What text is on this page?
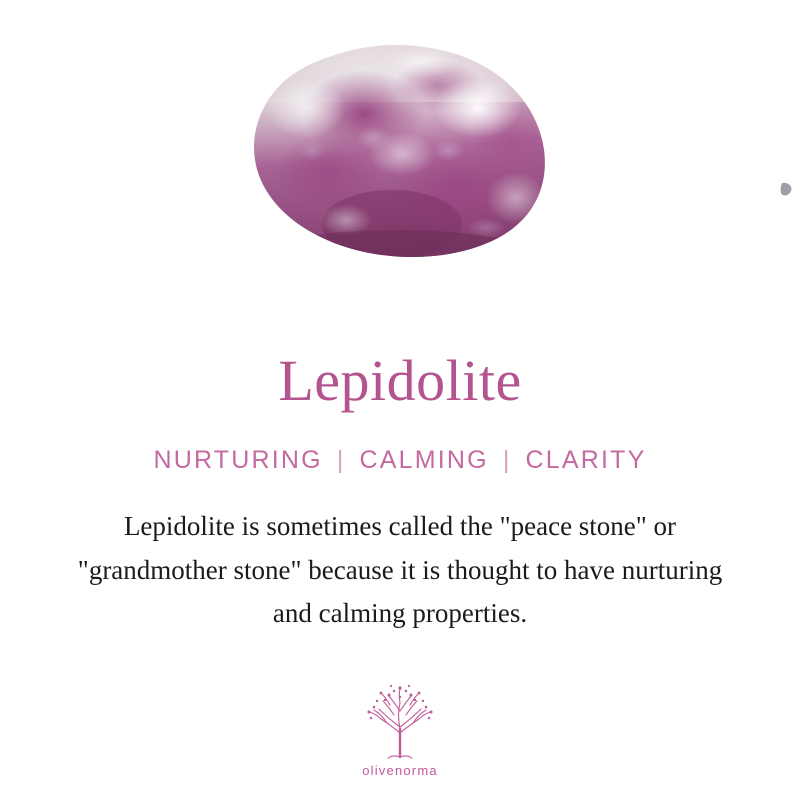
Lepidolite
NURTURING | CALMING | CLARITY
Lepidolite is sometimes called the "peace stone" or "grandmother stone" because it is thought to have nurturing and calming properties.
olivenorma
